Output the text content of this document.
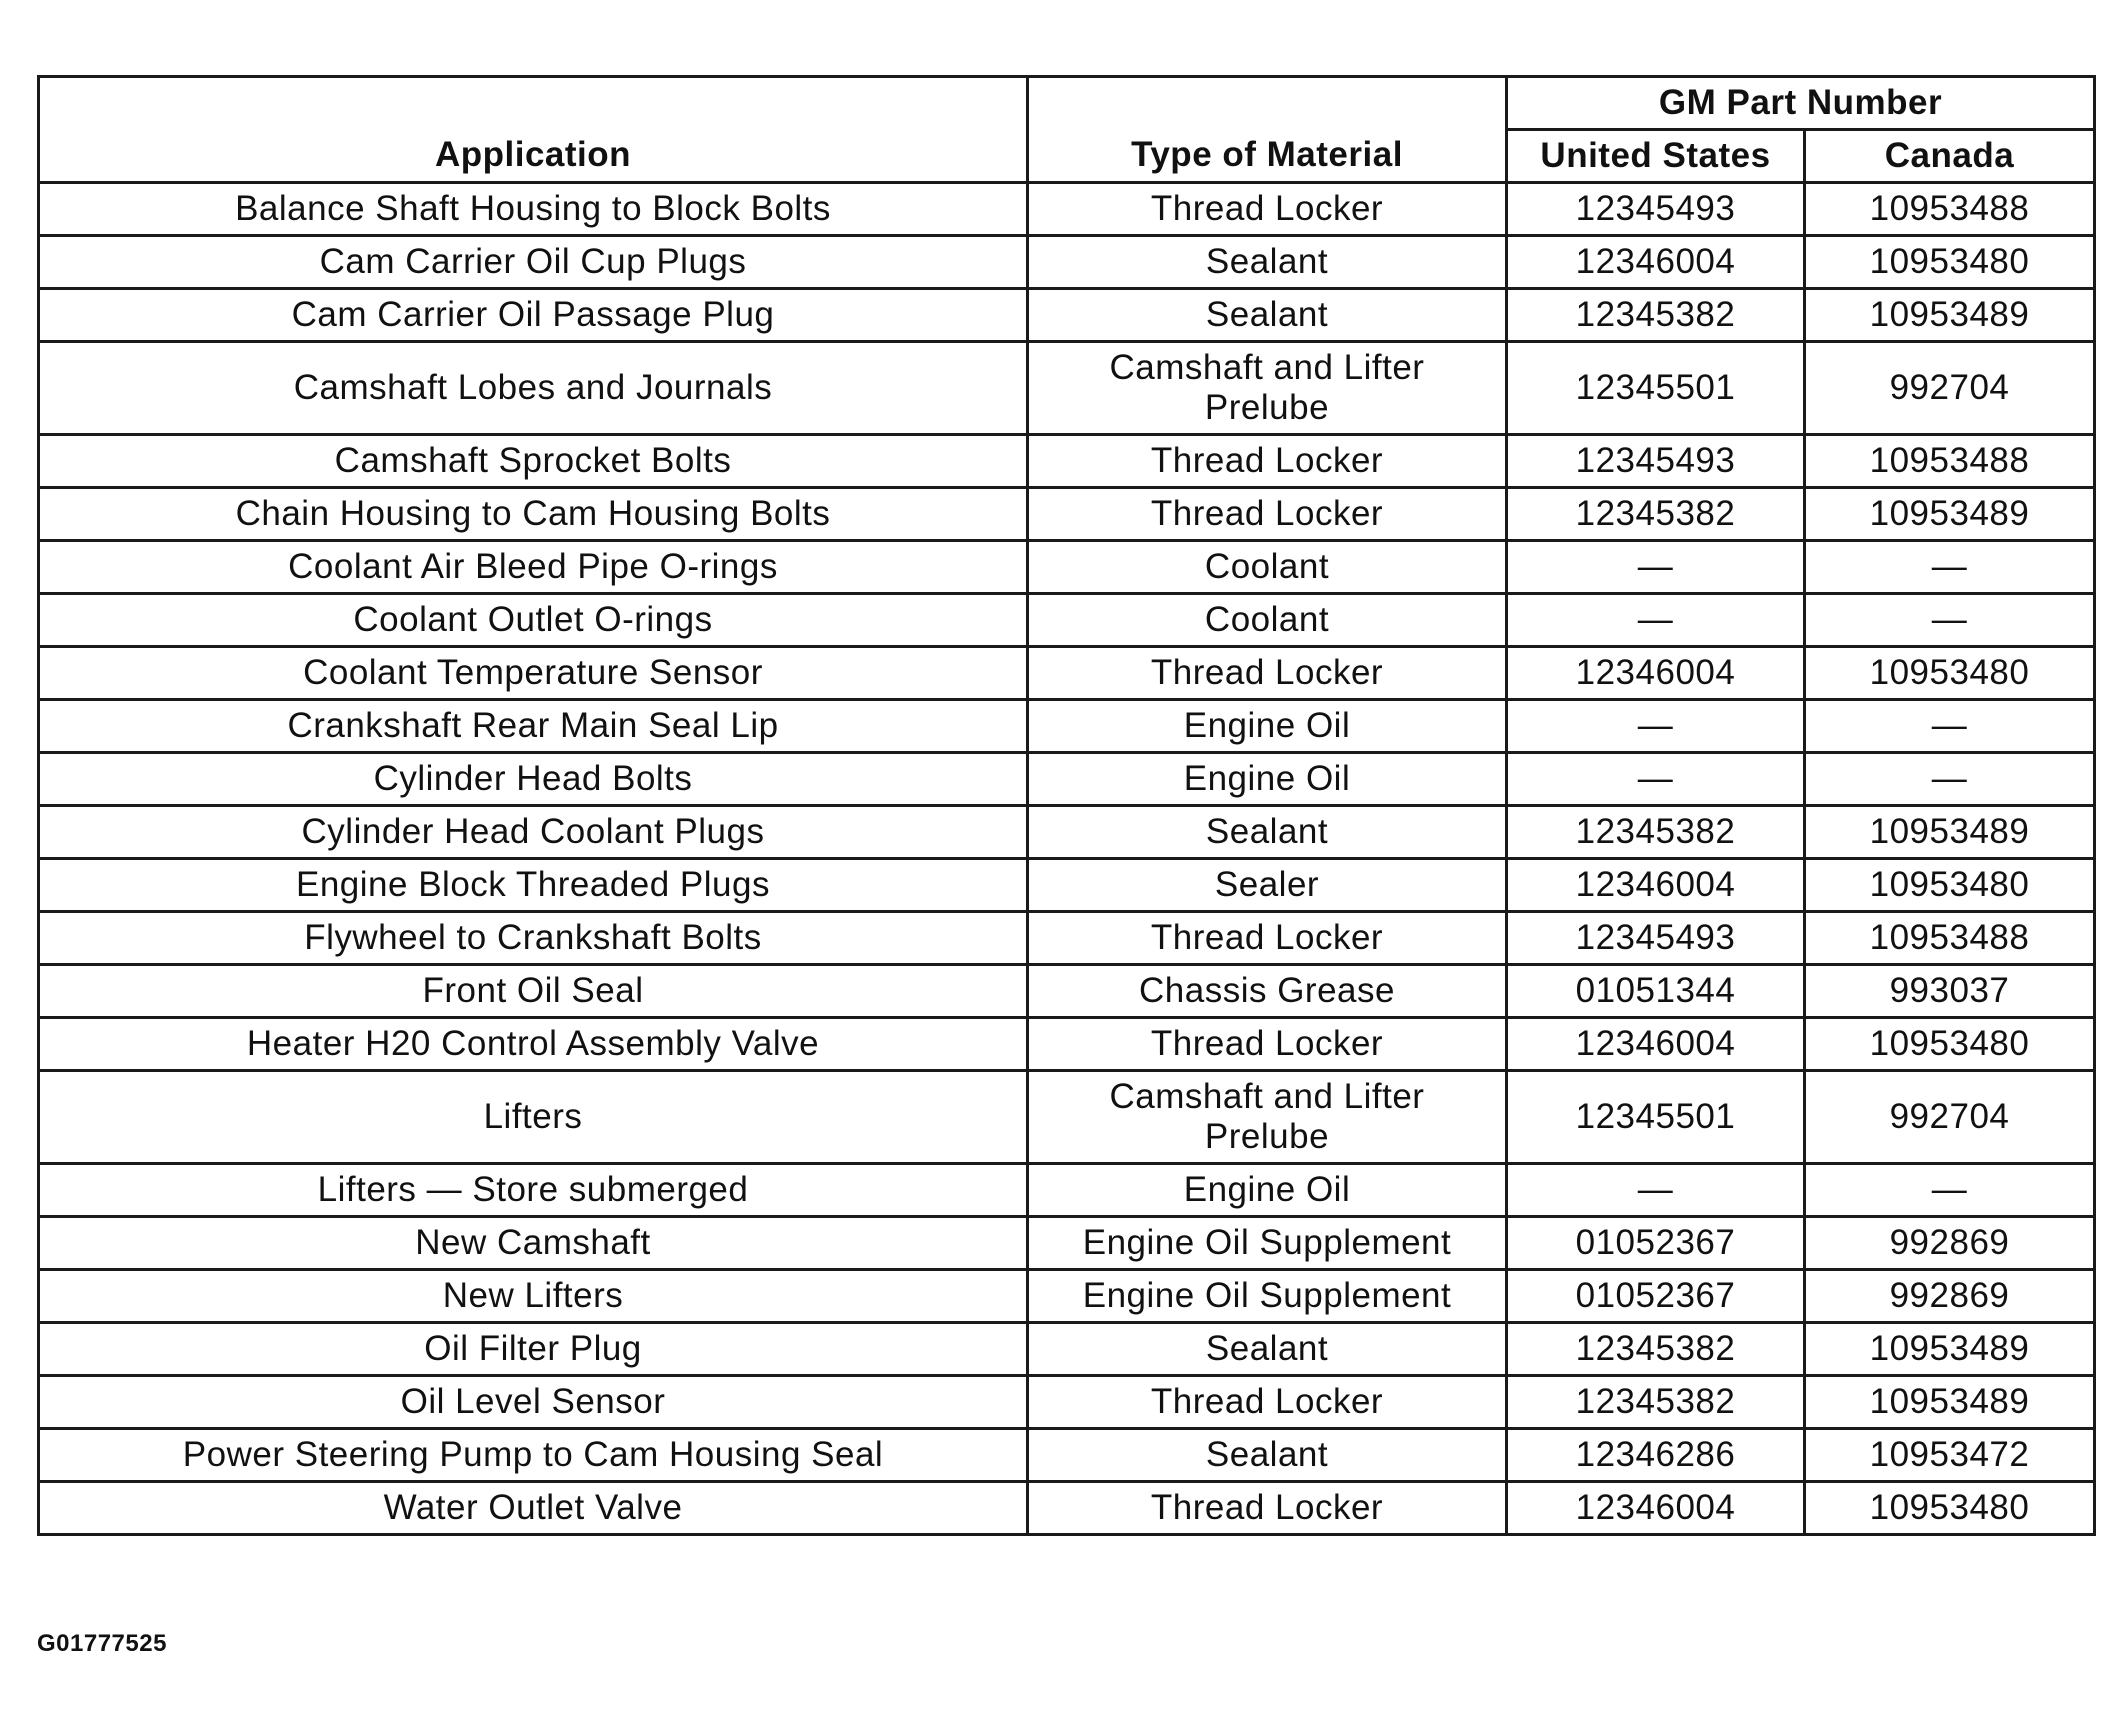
Application	Type of Material	GM Part Number	
		United States	Canada
Balance Shaft Housing to Block Bolts	Thread Locker	12345493	10953488
Cam Carrier Oil Cup Plugs	Sealant	12346004	10953480
Cam Carrier Oil Passage Plug	Sealant	12345382	10953489
Camshaft Lobes and Journals	Camshaft and Lifter Prelube	12345501	992704
Camshaft Sprocket Bolts	Thread Locker	12345493	10953488
Chain Housing to Cam Housing Bolts	Thread Locker	12345382	10953489
Coolant Air Bleed Pipe O-rings	Coolant	—	—
Coolant Outlet O-rings	Coolant	—	—
Coolant Temperature Sensor	Thread Locker	12346004	10953480
Crankshaft Rear Main Seal Lip	Engine Oil	—	—
Cylinder Head Bolts	Engine Oil	—	—
Cylinder Head Coolant Plugs	Sealant	12345382	10953489
Engine Block Threaded Plugs	Sealer	12346004	10953480
Flywheel to Crankshaft Bolts	Thread Locker	12345493	10953488
Front Oil Seal	Chassis Grease	01051344	993037
Heater H20 Control Assembly Valve	Thread Locker	12346004	10953480
Lifters	Camshaft and Lifter Prelube	12345501	992704
Lifters — Store submerged	Engine Oil	—	—
New Camshaft	Engine Oil Supplement	01052367	992869
New Lifters	Engine Oil Supplement	01052367	992869
Oil Filter Plug	Sealant	12345382	10953489
Oil Level Sensor	Thread Locker	12345382	10953489
Power Steering Pump to Cam Housing Seal	Sealant	12346286	10953472
Water Outlet Valve	Thread Locker	12346004	10953480
G01777525
